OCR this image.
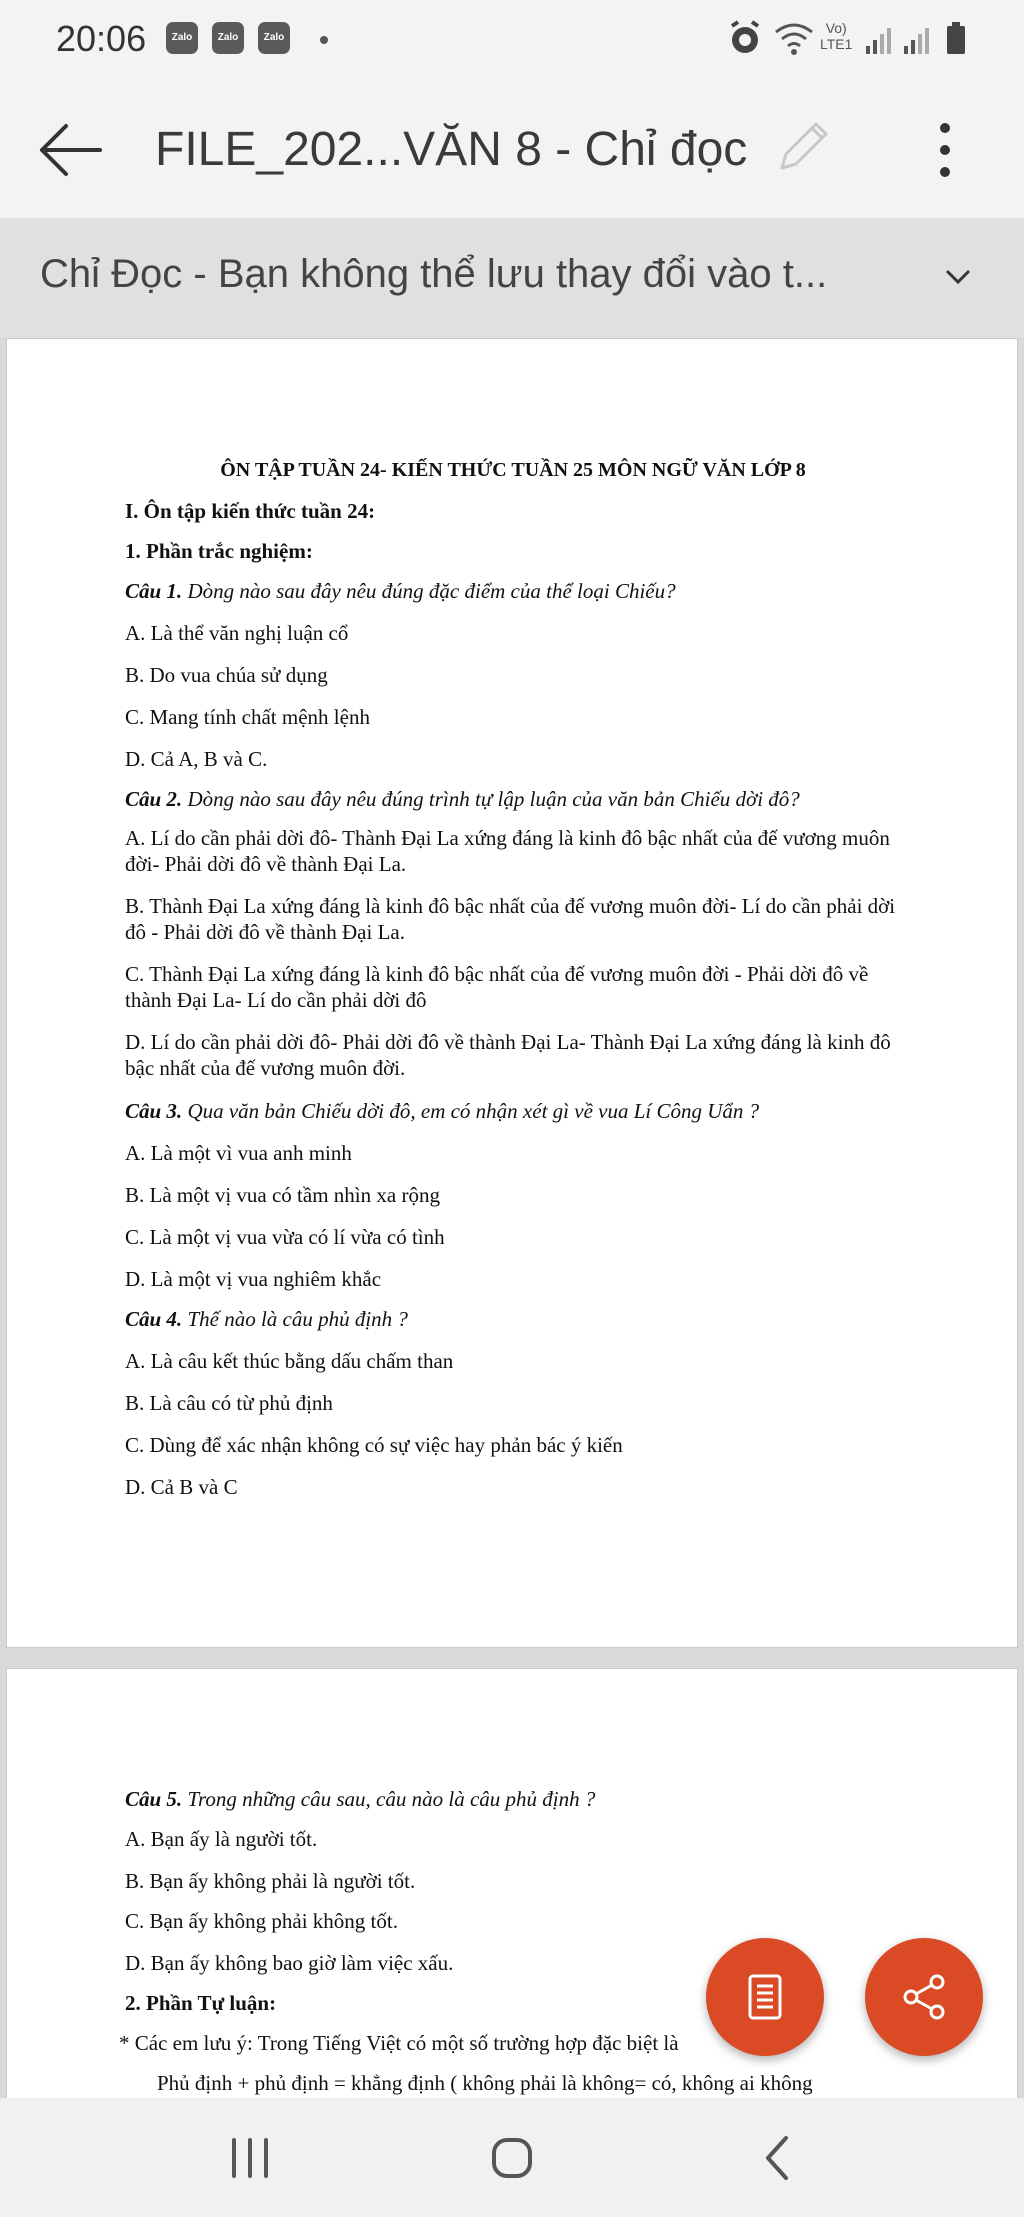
20:06	Zalo	Zalo	Zalo
Vo)
LTE1
FILE_202...VĂN 8 - Chỉ đọc
Chỉ Đọc - Bạn không thể lưu thay đổi vào t...
ÔN TẬP TUẦN 24- KIẾN THỨC TUẦN 25 MÔN NGỮ VĂN LỚP 8
I. Ôn tập kiến thức tuần 24:
1. Phần trắc nghiệm:
Câu 1. Dòng nào sau đây nêu đúng đặc điểm của thể loại Chiếu?
A. Là thể văn nghị luận cổ
B. Do vua chúa sử dụng
C. Mang tính chất mệnh lệnh
D. Cả A, B và C.
Câu 2. Dòng nào sau đây nêu đúng trình tự lập luận của văn bản Chiếu dời đô?
A. Lí do cần phải dời đô- Thành Đại La xứng đáng là kinh đô bậc nhất của đế vương muôn đời- Phải dời đô về thành Đại La.
B. Thành Đại La xứng đáng là kinh đô bậc nhất của đế vương muôn đời- Lí do cần phải dời đô - Phải dời đô về thành Đại La.
C. Thành Đại La xứng đáng là kinh đô bậc nhất của đế vương muôn đời - Phải dời đô về thành Đại La- Lí do cần phải dời đô
D. Lí do cần phải dời đô- Phải dời đô về thành Đại La- Thành Đại La xứng đáng là kinh đô bậc nhất của đế vương muôn đời.
Câu 3. Qua văn bản Chiếu dời đô, em có nhận xét gì về vua Lí Công Uẩn ?
A. Là một vì vua anh minh
B. Là một vị vua có tầm nhìn xa rộng
C. Là một vị vua vừa có lí vừa có tình
D. Là một vị vua nghiêm khắc
Câu 4. Thế nào là câu phủ định ?
A. Là câu kết thúc bằng dấu chấm than
B. Là câu có từ phủ định
C. Dùng để xác nhận không có sự việc hay phản bác ý kiến
D. Cả B và C
Câu 5. Trong những câu sau, câu nào là câu phủ định ?
A. Bạn ấy là người tốt.
B. Bạn ấy không phải là người tốt.
C. Bạn ấy không phải không tốt.
D. Bạn ấy không bao giờ làm việc xấu.
2. Phần Tự luận:
* Các em lưu ý: Trong Tiếng Việt có một số trường hợp đặc biệt là
Phủ định + phủ định = khẳng định ( không phải là không= có, không ai không
